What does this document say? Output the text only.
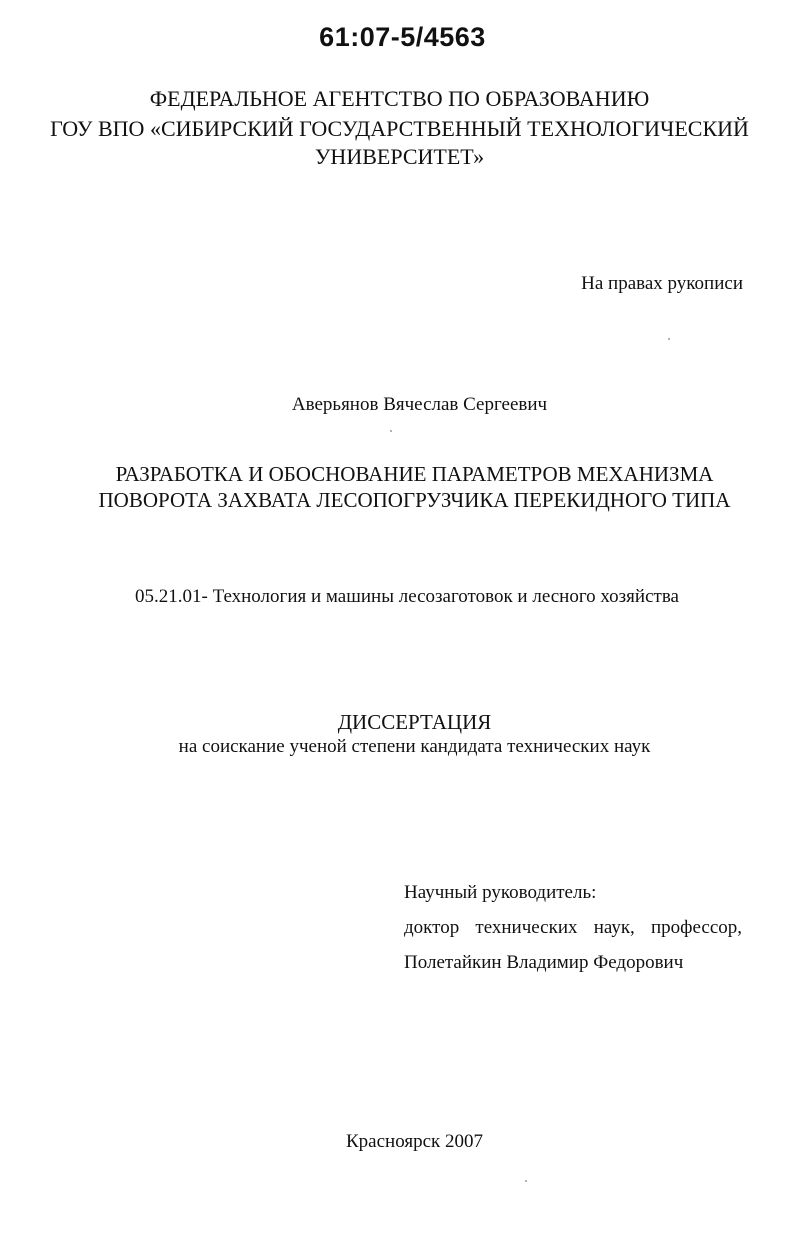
61:07-5/4563
ФЕДЕРАЛЬНОЕ АГЕНТСТВО ПО ОБРАЗОВАНИЮ
ГОУ ВПО «СИБИРСКИЙ ГОСУДАРСТВЕННЫЙ ТЕХНОЛОГИЧЕСКИЙ
УНИВЕРСИТЕТ»
На правах рукописи
Аверьянов Вячеслав Сергеевич
РАЗРАБОТКА И ОБОСНОВАНИЕ ПАРАМЕТРОВ МЕХАНИЗМА
ПОВОРОТА ЗАХВАТА ЛЕСОПОГРУЗЧИКА ПЕРЕКИДНОГО ТИПА
05.21.01- Технология и машины лесозаготовок и лесного хозяйства
ДИССЕРТАЦИЯ
на соискание ученой степени кандидата технических наук
Научный руководитель:
доктор технических наук, профессор,
Полетайкин Владимир Федорович
Красноярск 2007
